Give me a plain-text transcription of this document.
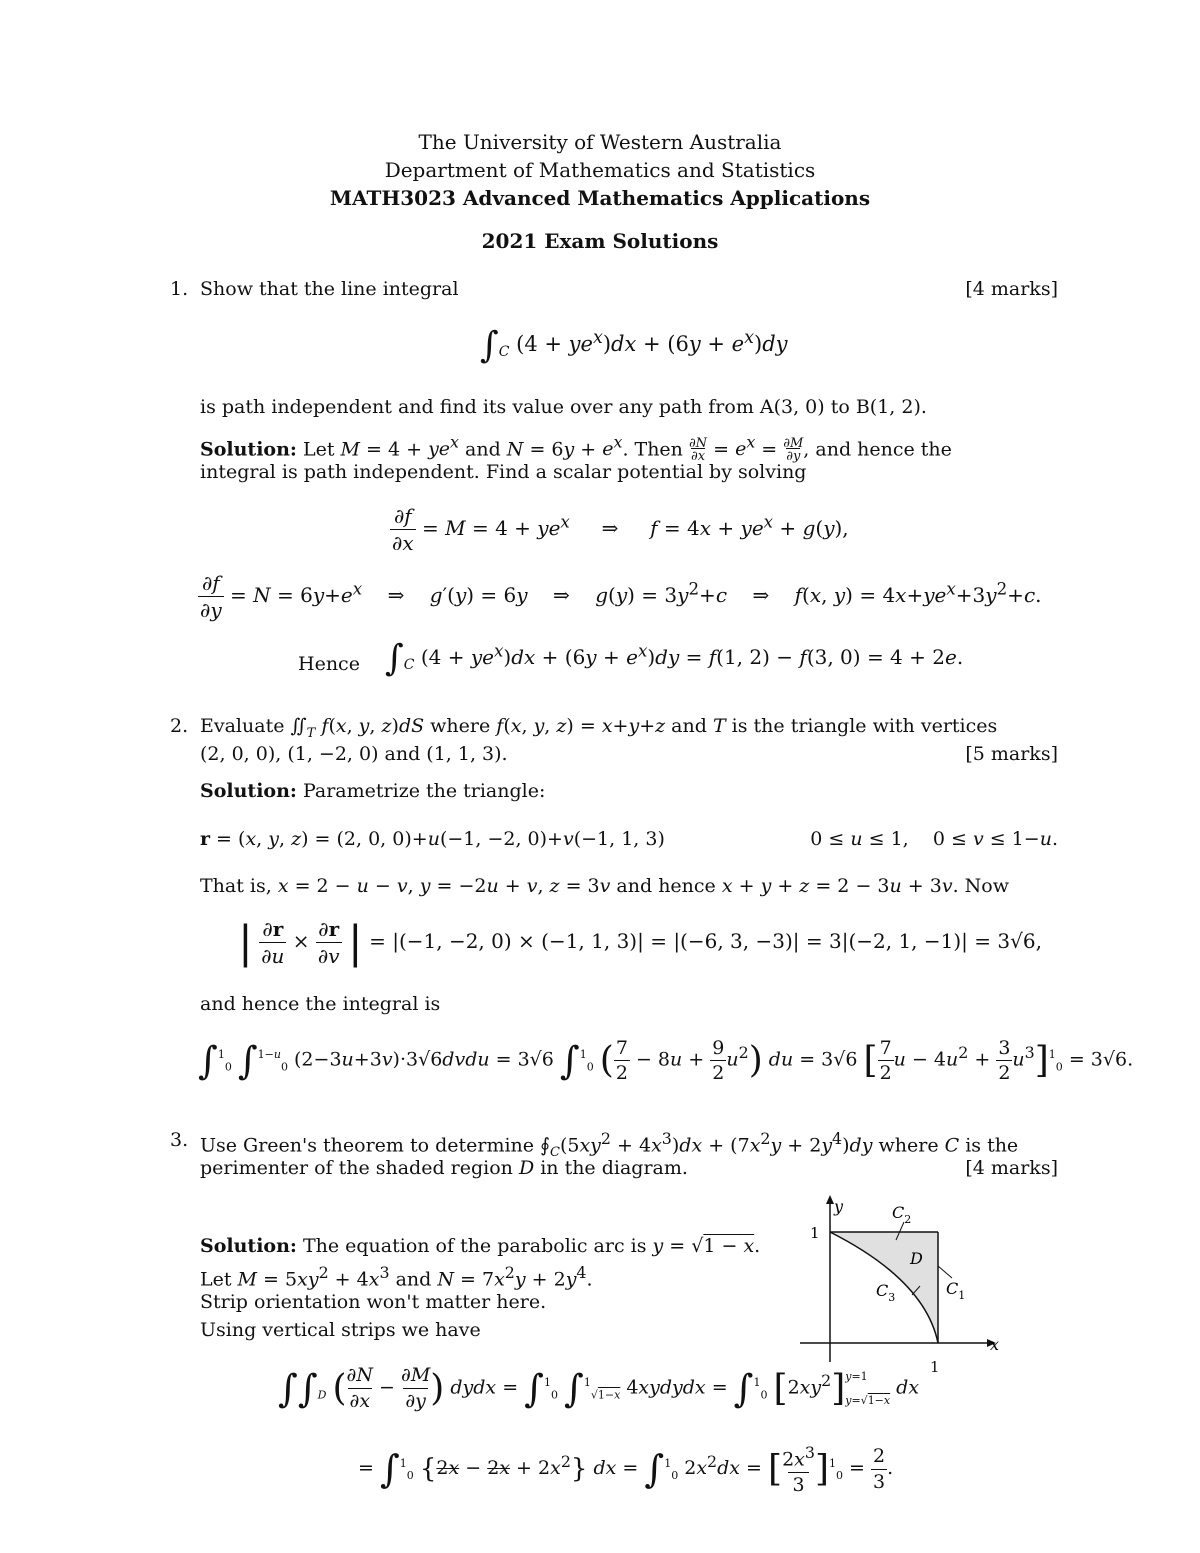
The University of Western Australia
Department of Mathematics and Statistics
MATH3023 Advanced Mathematics Applications
2021 Exam Solutions
1. Show that the line integral	[4 marks]
$\int_C$ $(4 + ye^x)dx + (6y + e^x)dy$
is path independent and find its value over any path from A(3, 0) to B(1, 2).
Solution: Let $M = 4 + ye^x$ and $N = 6y + e^x$. Then $\frac{\partial N}{\partial x} = e^x = \frac{\partial M}{\partial y}$, and hence the
integral is path independent. Find a scalar potential by solving
$\frac{\partial f}{\partial x} = M = 4 + ye^x$     ⇒     $f = 4x + ye^x + g(y)$,
$\frac{\partial f}{\partial y} = N = 6y+e^x$    ⇒    g′(y) = 6y    ⇒    $g(y) = 3y^2+c$    ⇒    f(x, $y) = 4x+ye^x+3y^2+c$.
Hence $\int_C$ $(4 + ye^x)dx + (6y + e^x)dy = f(1$, 2) − f(3, 0) = 4 + 2e.
2. Evaluate $∬_T$ f(x, y, z)dS where f(x, y, z) = x+y+z and T is the triangle with vertices
(2, 0, 0), (1, −2, 0) and (1, 1, 3).	[5 marks]
Solution: Parametrize the triangle:
r = (x, y, z) = (2, 0, 0)+u(−1, −2, 0)+v(−1, 1, 3)	0 ≤ u ≤ 1,    0 ≤ v ≤ 1−u.
That is, x = 2 − u − v, y = −2u + v, z = 3v and hence x + y + z = 2 − 3u + 3v. Now
| ∂r
∂u × ∂r
∂v | = |(−1, −2, 0) × (−1, 1, 3)| = |(−6, 3, −3)| = 3|(−2, 1, −1)| = 3√6,
and hence the integral is
∫$^1_0$ ∫$^{1-u}_0$ (2−3u+3v)·3√6dvdu = 3√6 ∫$^1_0$ ( 7
2 − 8u + 9
$2u^2$) du = 3√6 [ 7
$2u - 4u^2 + 3$
$2u^3]^1_0 = 3√6$.
3. Use Green's theorem to determine $∮_C(5xy^2 + 4x^3)dx + (7x^2y + 2y^4)dy$ where C is the
perimenter of the shaded region D in the diagram.	[4 marks]
Solution: The equation of the parabolic arc is y = √1 − x.
Let $M = 5xy^2 + 4x^3$ and $N = 7x^2y + 2y^4$.
Strip orientation won't matter here.
Using vertical strips we have
y
x
1
D
$C_2$
$C_1$
$C_3$
1
$\int\int_D$ $(\frac{\partial N}{\partial x} - \frac{\partial M}{\partial y})$ dydx = ∫$^1_0$ ∫$^1_{√1-x}$ 4xydydx = ∫$^1_0$ $[2xy^2]y=1$
y=√1−x dx
= ∫$^1_0$ $\{2x - 2x + 2x^2\}$ dx = ∫$^1_0$ $2x^2dx = [2x^3$
3 ]$^1_0$ = 2
3.
